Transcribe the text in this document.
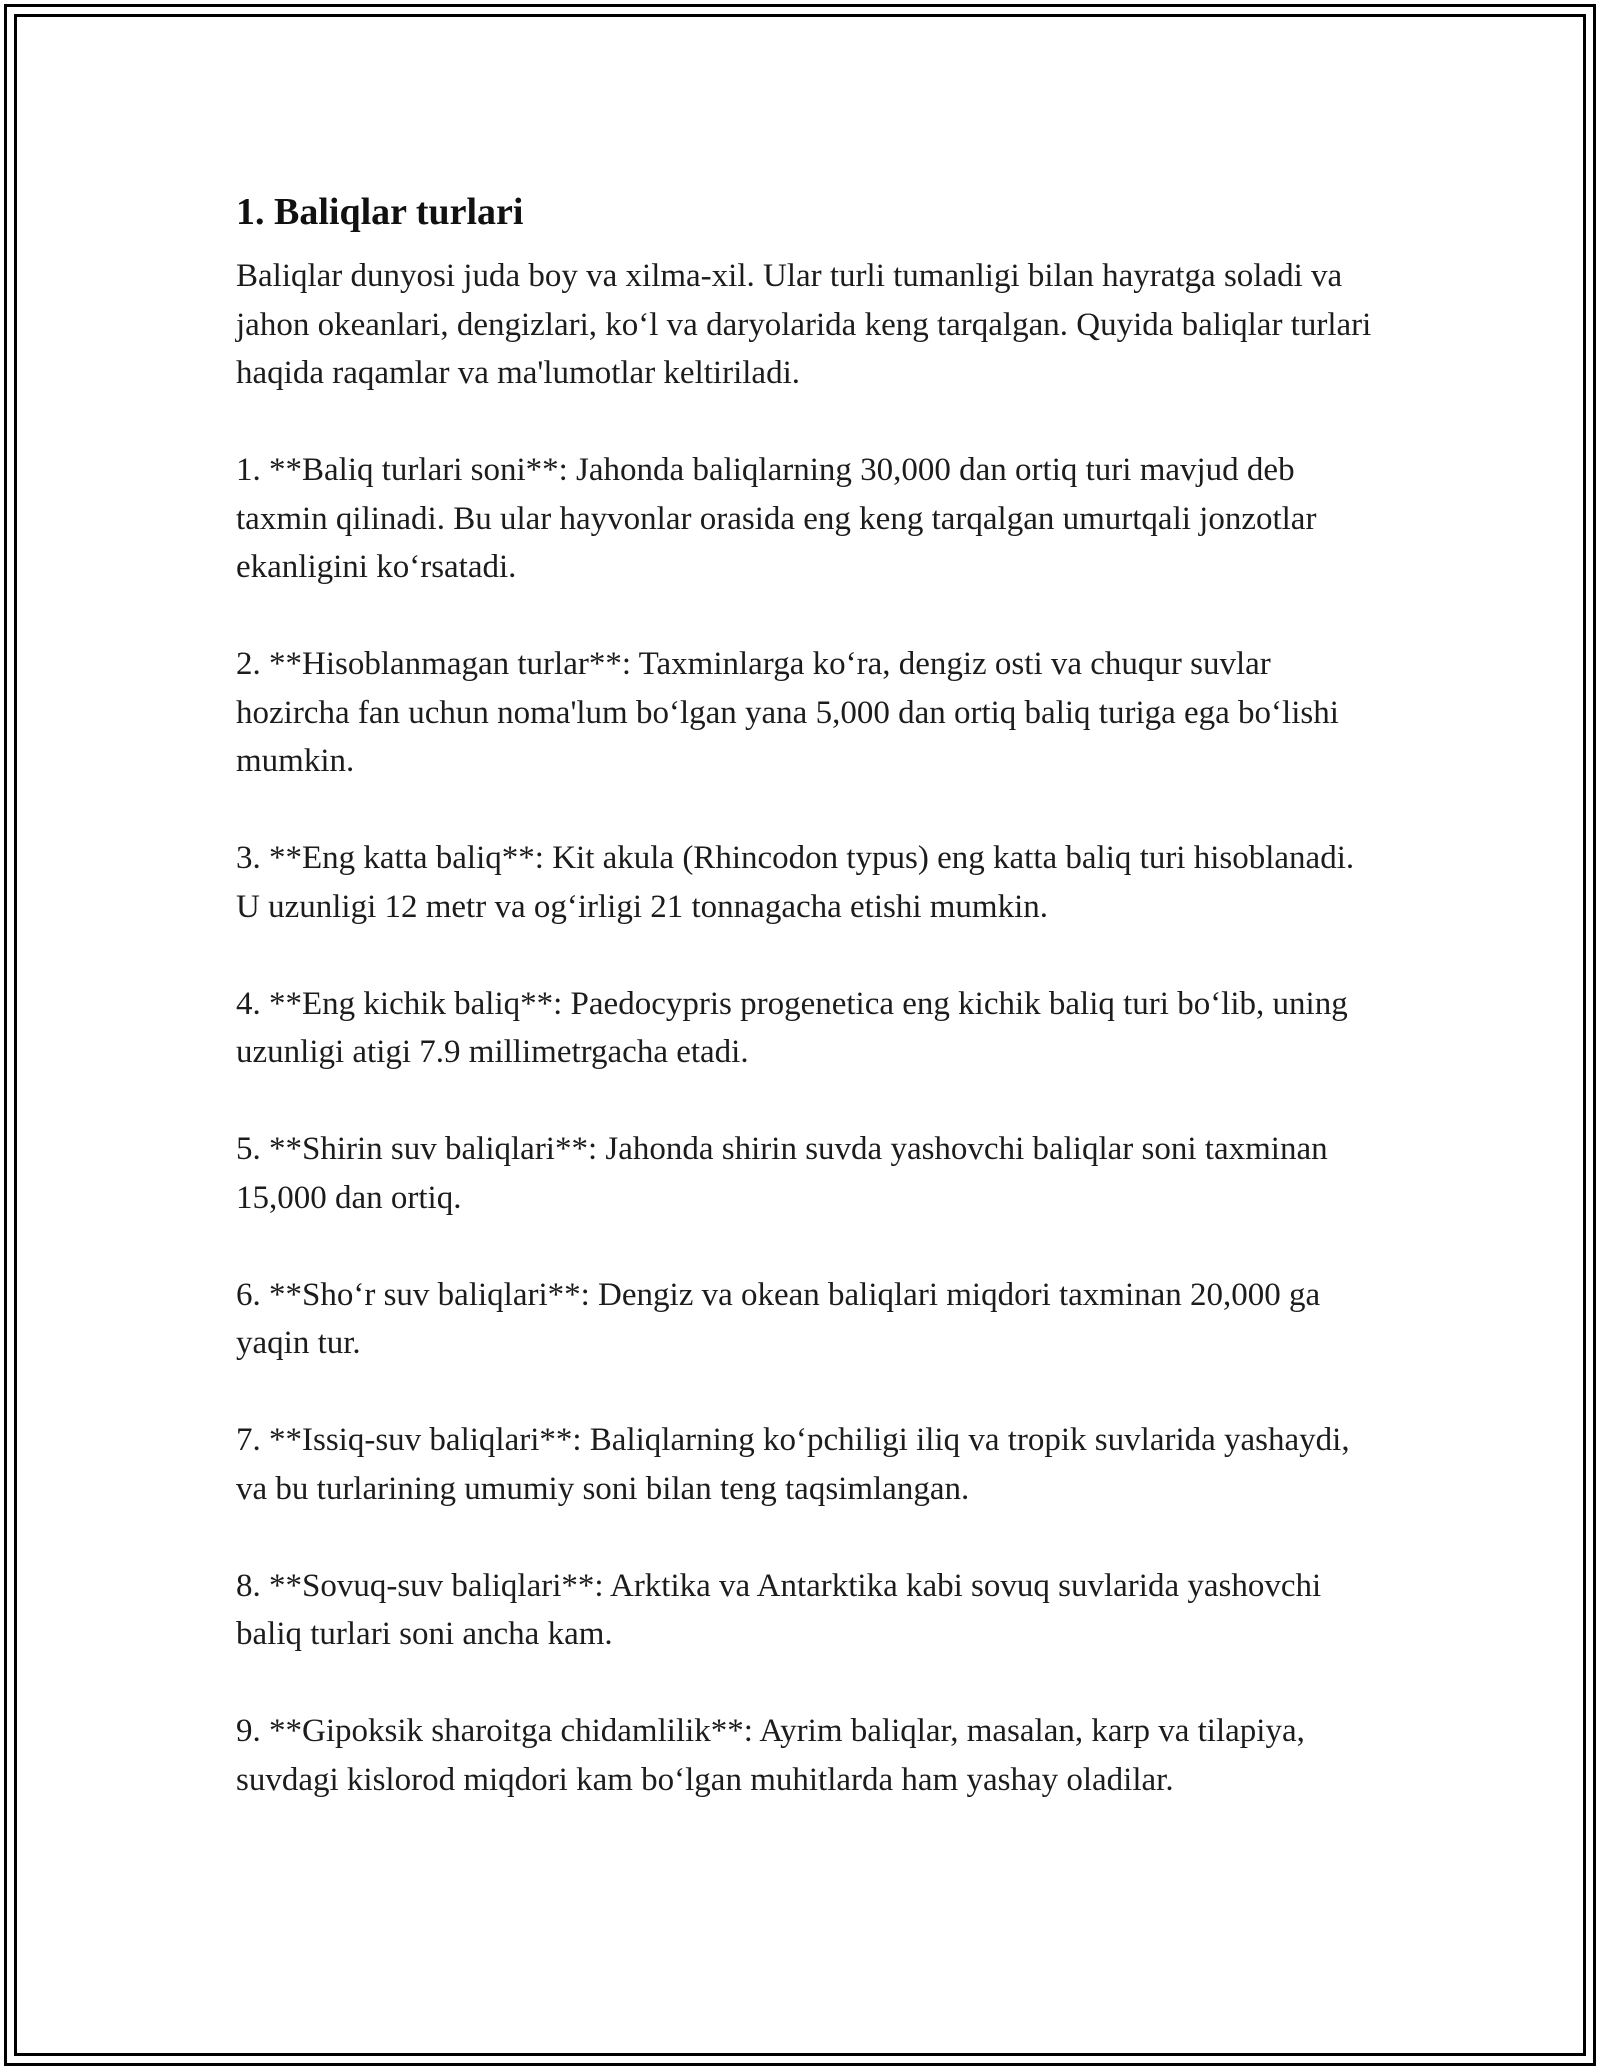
1. Baliqlar turlari

Baliqlar dunyosi juda boy va xilma-xil. Ular turli tumanligi bilan hayratga soladi va jahon okeanlari, dengizlari, ko‘l va daryolarida keng tarqalgan. Quyida baliqlar turlari haqida raqamlar va ma'lumotlar keltiriladi.

1. **Baliq turlari soni**: Jahonda baliqlarning 30,000 dan ortiq turi mavjud deb taxmin qilinadi. Bu ular hayvonlar orasida eng keng tarqalgan umurtqali jonzotlar ekanligini ko‘rsatadi.

2. **Hisoblanmagan turlar**: Taxminlarga ko‘ra, dengiz osti va chuqur suvlar hozircha fan uchun noma'lum bo‘lgan yana 5,000 dan ortiq baliq turiga ega bo‘lishi mumkin.

3. **Eng katta baliq**: Kit akula (Rhincodon typus) eng katta baliq turi hisoblanadi. U uzunligi 12 metr va og‘irligi 21 tonnagacha etishi mumkin.

4. **Eng kichik baliq**: Paedocypris progenetica eng kichik baliq turi bo‘lib, uning uzunligi atigi 7.9 millimetrgacha etadi.

5. **Shirin suv baliqlari**: Jahonda shirin suvda yashovchi baliqlar soni taxminan 15,000 dan ortiq.

6. **Sho‘r suv baliqlari**: Dengiz va okean baliqlari miqdori taxminan 20,000 ga yaqin tur.

7. **Issiq-suv baliqlari**: Baliqlarning ko‘pchiligi iliq va tropik suvlarida yashaydi, va bu turlarining umumiy soni bilan teng taqsimlangan.

8. **Sovuq-suv baliqlari**: Arktika va Antarktika kabi sovuq suvlarida yashovchi baliq turlari soni ancha kam.

9. **Gipoksik sharoitga chidamlilik**: Ayrim baliqlar, masalan, karp va tilapiya, suvdagi kislorod miqdori kam bo‘lgan muhitlarda ham yashay oladilar.
